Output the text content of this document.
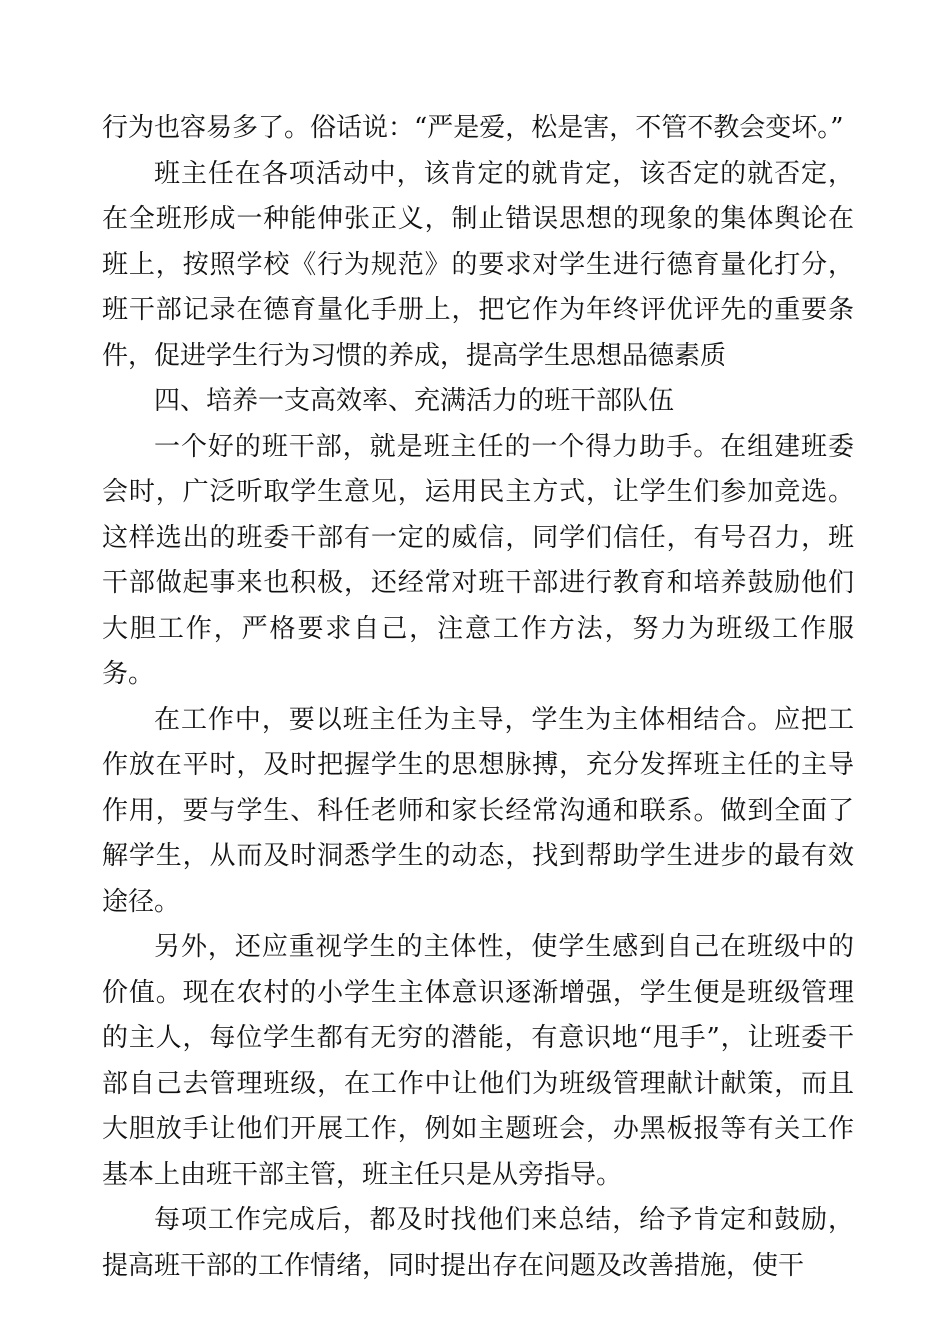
行为也容易多了。俗话说：“严是爱，松是害，不管不教会变坏。”

班主任在各项活动中，该肯定的就肯定，该否定的就否定，在全班形成一种能伸张正义，制止错误思想的现象的集体舆论在班上，按照学校《行为规范》的要求对学生进行德育量化打分，班干部记录在德育量化手册上，把它作为年终评优评先的重要条件，促进学生行为习惯的养成，提高学生思想品德素质

四、培养一支高效率、充满活力的班干部队伍

一个好的班干部，就是班主任的一个得力助手。在组建班委会时，广泛听取学生意见，运用民主方式，让学生们参加竞选。这样选出的班委干部有一定的威信，同学们信任，有号召力，班干部做起事来也积极，还经常对班干部进行教育和培养鼓励他们大胆工作，严格要求自己，注意工作方法，努力为班级工作服务。

在工作中，要以班主任为主导，学生为主体相结合。应把工作放在平时，及时把握学生的思想脉搏，充分发挥班主任的主导作用，要与学生、科任老师和家长经常沟通和联系。做到全面了解学生，从而及时洞悉学生的动态，找到帮助学生进步的最有效途径。

另外，还应重视学生的主体性，使学生感到自己在班级中的价值。现在农村的小学生主体意识逐渐增强，学生便是班级管理的主人，每位学生都有无穷的潜能，有意识地“甩手”，让班委干部自己去管理班级，在工作中让他们为班级管理献计献策，而且大胆放手让他们开展工作，例如主题班会，办黑板报等有关工作基本上由班干部主管，班主任只是从旁指导。

每项工作完成后，都及时找他们来总结，给予肯定和鼓励，提高班干部的工作情绪，同时提出存在问题及改善措施，使干
